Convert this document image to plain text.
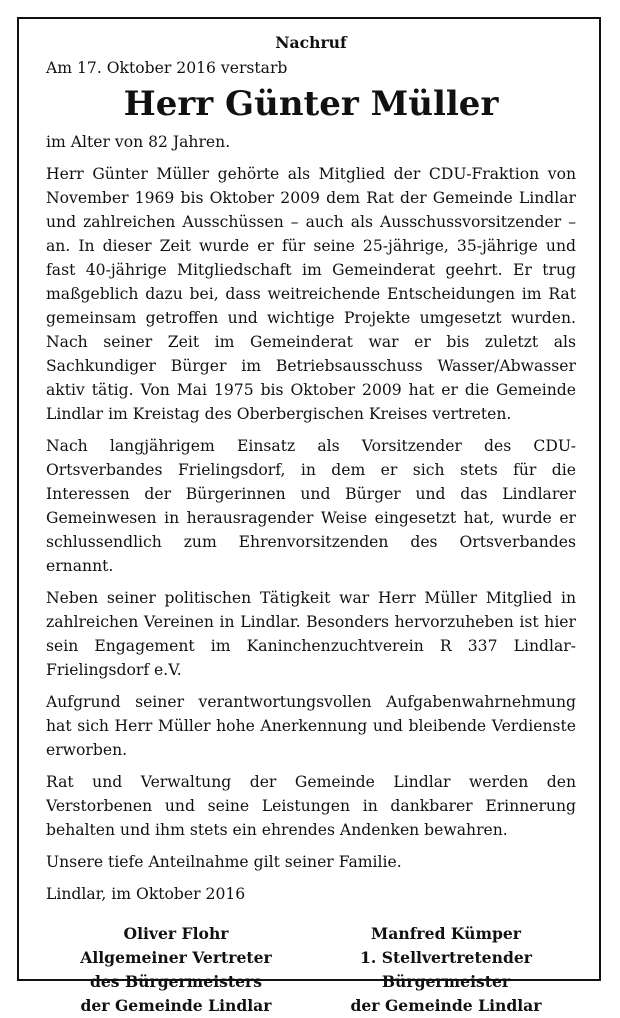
Nachruf

Am 17. Oktober 2016 verstarb

Herr Günter Müller

im Alter von 82 Jahren.

Herr Günter Müller gehörte als Mitglied der CDU-Fraktion von November 1969 bis Oktober 2009 dem Rat der Gemeinde Lindlar und zahlreichen Ausschüssen – auch als Ausschussvorsitzender – an. In dieser Zeit wurde er für seine 25-jährige, 35-jährige und fast 40-jährige Mitgliedschaft im Gemeinderat geehrt. Er trug maßgeblich dazu bei, dass weitreichende Entscheidungen im Rat gemeinsam getroffen und wichtige Projekte umgesetzt wurden. Nach seiner Zeit im Gemeinderat war er bis zuletzt als Sachkundiger Bürger im Betriebsausschuss Wasser/Abwasser aktiv tätig. Von Mai 1975 bis Oktober 2009 hat er die Gemeinde Lindlar im Kreistag des Oberbergischen Kreises vertreten.

Nach langjährigem Einsatz als Vorsitzender des CDU-Ortsverbandes Frielingsdorf, in dem er sich stets für die Interessen der Bürgerinnen und Bürger und das Lindlarer Gemeinwesen in herausragender Weise eingesetzt hat, wurde er schlussendlich zum Ehrenvorsitzenden des Ortsverbandes ernannt.

Neben seiner politischen Tätigkeit war Herr Müller Mitglied in zahlreichen Vereinen in Lindlar. Besonders hervorzuheben ist hier sein Engagement im Kaninchenzuchtverein R 337 Lindlar-Frielingsdorf e.V.

Aufgrund seiner verantwortungsvollen Aufgabenwahrnehmung hat sich Herr Müller hohe Anerkennung und bleibende Verdienste erworben.

Rat und Verwaltung der Gemeinde Lindlar werden den Verstorbenen und seine Leistungen in dankbarer Erinnerung behalten und ihm stets ein ehrendes Andenken bewahren.

Unsere tiefe Anteilnahme gilt seiner Familie.

Lindlar, im Oktober 2016

Oliver Flohr
Allgemeiner Vertreter
des Bürgermeisters
der Gemeinde Lindlar
Manfred Kümper
1. Stellvertretender
Bürgermeister
der Gemeinde Lindlar
